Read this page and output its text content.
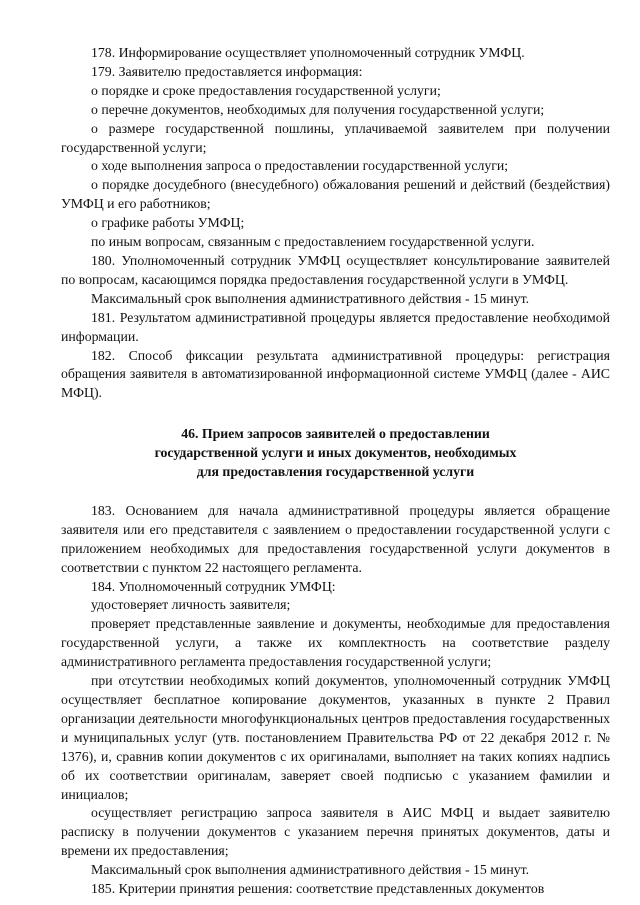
178. Информирование осуществляет уполномоченный сотрудник УМФЦ.

179. Заявителю предоставляется информация:

о порядке и сроке предоставления государственной услуги;

о перечне документов, необходимых для получения государственной услуги;

о размере государственной пошлины, уплачиваемой заявителем при получении государственной услуги;

о ходе выполнения запроса о предоставлении государственной услуги;

о порядке досудебного (внесудебного) обжалования решений и действий (бездействия) УМФЦ и его работников;

о графике работы УМФЦ;

по иным вопросам, связанным с предоставлением государственной услуги.

180. Уполномоченный сотрудник УМФЦ осуществляет консультирование заявителей по вопросам, касающимся порядка предоставления государственной услуги в УМФЦ.

Максимальный срок выполнения административного действия - 15 минут.

181. Результатом административной процедуры является предоставление необходимой информации.

182. Способ фиксации результата административной процедуры: регистрация обращения заявителя в автоматизированной информационной системе УМФЦ (далее - АИС МФЦ).

46. Прием запросов заявителей о предоставлении
государственной услуги и иных документов, необходимых
для предоставления государственной услуги

183. Основанием для начала административной процедуры является обращение заявителя или его представителя с заявлением о предоставлении государственной услуги с приложением необходимых для предоставления государственной услуги документов в соответствии с пунктом 22 настоящего регламента.

184. Уполномоченный сотрудник УМФЦ:

удостоверяет личность заявителя;

проверяет представленные заявление и документы, необходимые для предоставления государственной услуги, а также их комплектность на соответствие разделу административного регламента предоставления государственной услуги;

при отсутствии необходимых копий документов, уполномоченный сотрудник УМФЦ осуществляет бесплатное копирование документов, указанных в пункте 2 Правил организации деятельности многофункциональных центров предоставления государственных и муниципальных услуг (утв. постановлением Правительства РФ от 22 декабря 2012 г. № 1376), и, сравнив копии документов с их оригиналами, выполняет на таких копиях надпись об их соответствии оригиналам, заверяет своей подписью с указанием фамилии и инициалов;

осуществляет регистрацию запроса заявителя в АИС МФЦ и выдает заявителю расписку в получении документов с указанием перечня принятых документов, даты и времени их предоставления;

Максимальный срок выполнения административного действия - 15 минут.

185. Критерии принятия решения: соответствие представленных документов
